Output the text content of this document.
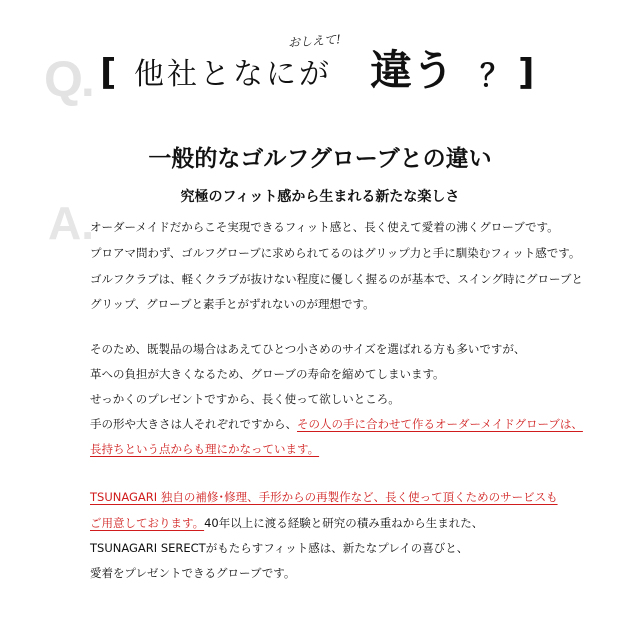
Q.
おしえて!
[ 他社となにが 違う ？ ]
一般的なゴルフグローブとの違い
究極のフィット感から生まれる新たな楽しさ
A.
オーダーメイドだからこそ実現できるフィット感と、長く使えて愛着の沸くグローブです。
プロアマ問わず、ゴルフグローブに求められてるのはグリップ力と手に馴染むフィット感です。
ゴルフクラブは、軽くクラブが抜けない程度に優しく握るのが基本で、スイング時にグローブと
グリップ、グローブと素手とがずれないのが理想です。
そのため、既製品の場合はあえてひとつ小さめのサイズを選ばれる方も多いですが、
革への負担が大きくなるため、グローブの寿命を縮めてしまいます。
せっかくのプレゼントですから、長く使って欲しいところ。
手の形や大きさは人それぞれですから、その人の手に合わせて作るオーダーメイドグローブは、
長持ちという点からも理にかなっています。
TSUNAGARI 独自の補修･修理、手形からの再製作など、長く使って頂くためのサービスも
ご用意しております。40年以上に渡る経験と研究の積み重ねから生まれた、
TSUNAGARI SERECTがもたらすフィット感は、新たなプレイの喜びと、
愛着をプレゼントできるグローブです。
